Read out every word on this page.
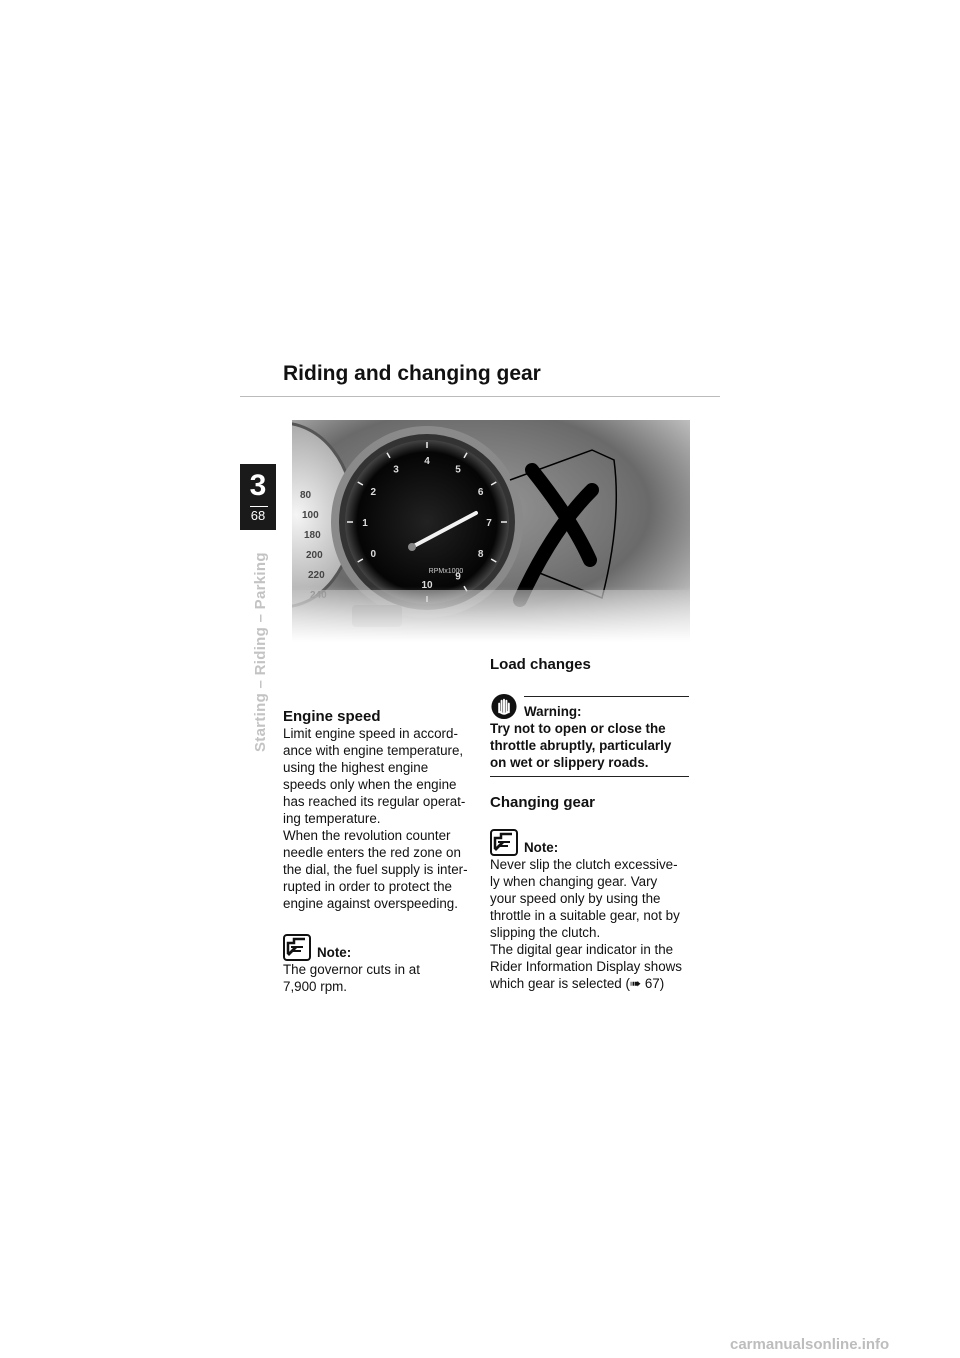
Riding and changing gear
3
68
Starting – Riding – Parking Engine speed
Limit engine speed in accord-
ance with engine temperature,
using the highest engine
speeds only when the engine
has reached its regular operat-
ing temperature.
When the revolution counter
needle enters the red zone on
the dial, the fuel supply is inter-
rupted in order to protect the
engine against overspeeding.
Note:
The governor cuts in at
7,900 rpm.
Load changes
Warning:
Try not to open or close the
throttle abruptly, particularly
on wet or slippery roads.
Changing gear
Note:
Never slip the clutch excessive-
ly when changing gear. Vary
your speed only by using the
throttle in a suitable gear, not by
slipping the clutch.
The digital gear indicator in the
Rider Information Display shows
which gear is selected (➠ 67)
carmanualsonline.info
